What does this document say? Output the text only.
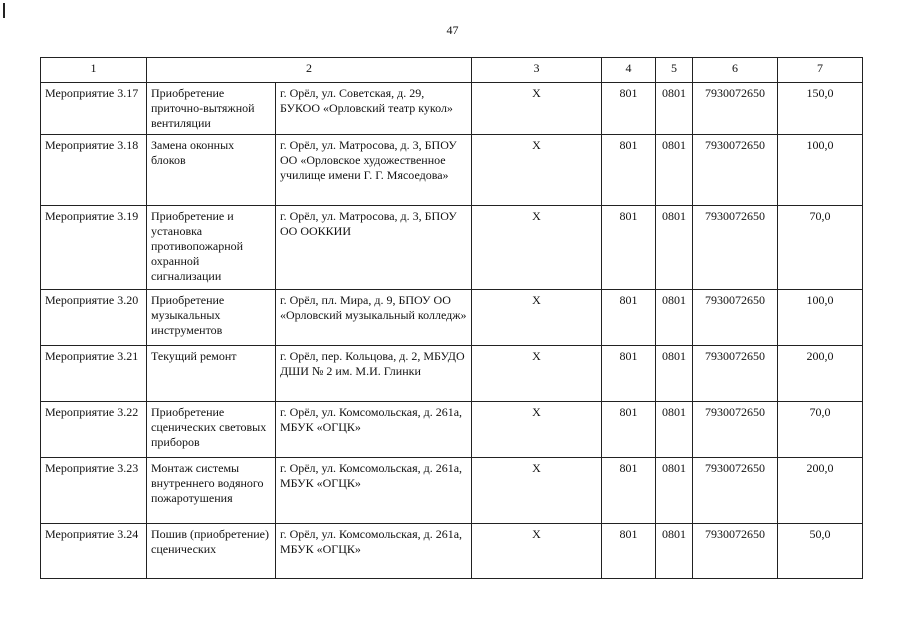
47
1	2		3	4	5	6	7
Мероприятие 3.17	Приобретение приточно-вытяжной вентиляции	г. Орёл, ул. Советская, д. 29, БУКОО «Орловский театр кукол»	Х	801	0801	7930072650	150,0
Мероприятие 3.18	Замена оконных блоков	г. Орёл, ул. Матросова, д. 3, БПОУ ОО «Орловское художественное училище имени Г. Г. Мясоедова»	Х	801	0801	7930072650	100,0
Мероприятие 3.19	Приобретение и установка противопожарной охранной сигнализации	г. Орёл, ул. Матросова, д. 3, БПОУ ОО ООККИИ	Х	801	0801	7930072650	70,0
Мероприятие 3.20	Приобретение музыкальных инструментов	г. Орёл, пл. Мира, д. 9, БПОУ ОО «Орловский музыкальный колледж»	Х	801	0801	7930072650	100,0
Мероприятие 3.21	Текущий ремонт	г. Орёл, пер. Кольцова, д. 2, МБУДО ДШИ № 2 им. М.И. Глинки	Х	801	0801	7930072650	200,0
Мероприятие 3.22	Приобретение сценических световых приборов	г. Орёл, ул. Комсомольская, д. 261а, МБУК «ОГЦК»	Х	801	0801	7930072650	70,0
Мероприятие 3.23	Монтаж системы внутреннего водяного пожаротушения	г. Орёл, ул. Комсомольская, д. 261а, МБУК «ОГЦК»	Х	801	0801	7930072650	200,0
Мероприятие 3.24	Пошив (приобретение) сценических	г. Орёл, ул. Комсомольская, д. 261а, МБУК «ОГЦК»	Х	801	0801	7930072650	50,0
